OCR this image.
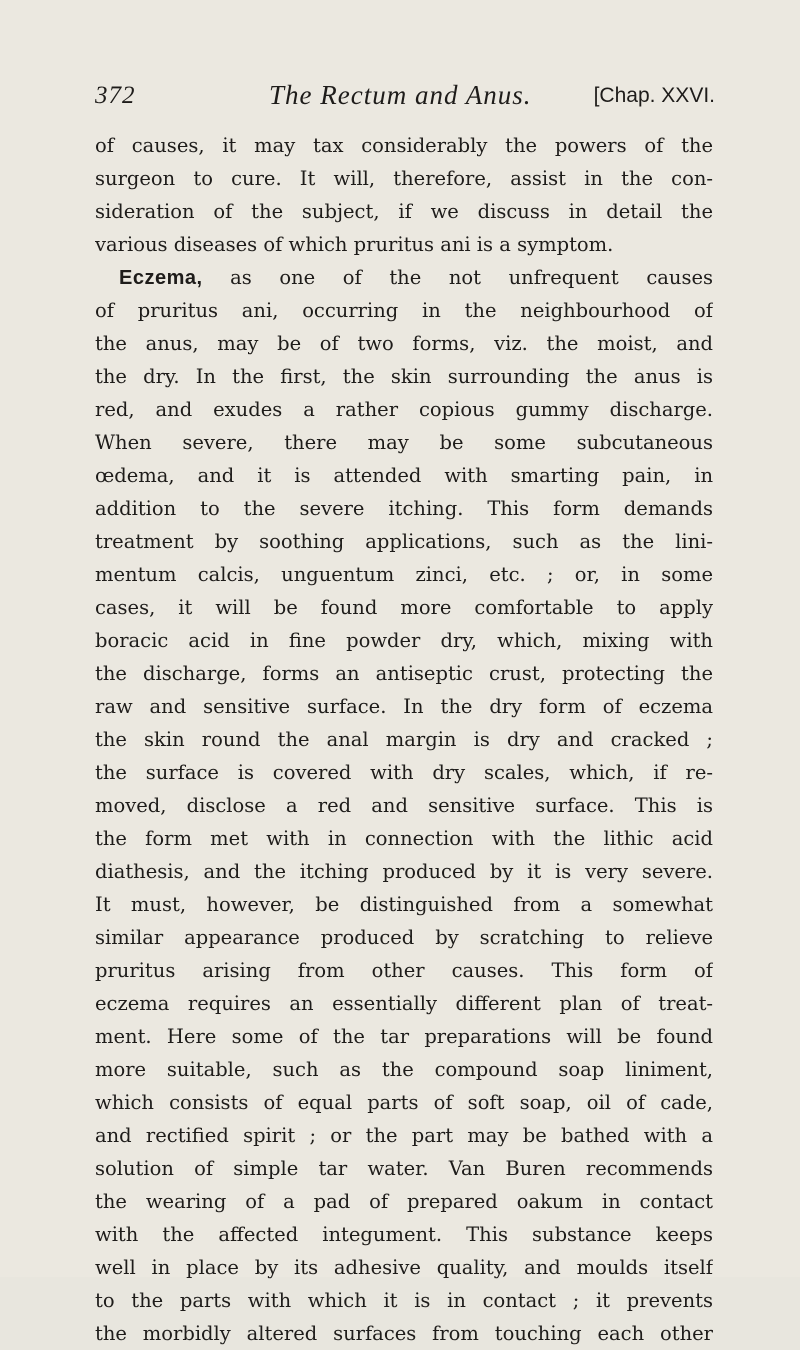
372	The Rectum and Anus.	[Chap. XXVI.
of causes, it may tax considerably the powers of the
surgeon to cure. It will, therefore, assist in the con-
sideration of the subject, if we discuss in detail the
various diseases of which pruritus ani is a symptom.
Eczema, as one of the not unfrequent causes
of pruritus ani, occurring in the neighbourhood of
the anus, may be of two forms, viz. the moist, and
the dry. In the first, the skin surrounding the anus is
red, and exudes a rather copious gummy discharge.
When severe, there may be some subcutaneous
œdema, and it is attended with smarting pain, in
addition to the severe itching. This form demands
treatment by soothing applications, such as the lini-
mentum calcis, unguentum zinci, etc. ; or, in some
cases, it will be found more comfortable to apply
boracic acid in fine powder dry, which, mixing with
the discharge, forms an antiseptic crust, protecting the
raw and sensitive surface. In the dry form of eczema
the skin round the anal margin is dry and cracked ;
the surface is covered with dry scales, which, if re-
moved, disclose a red and sensitive surface. This is
the form met with in connection with the lithic acid
diathesis, and the itching produced by it is very severe.
It must, however, be distinguished from a somewhat
similar appearance produced by scratching to relieve
pruritus arising from other causes. This form of
eczema requires an essentially different plan of treat-
ment. Here some of the tar preparations will be found
more suitable, such as the compound soap liniment,
which consists of equal parts of soft soap, oil of cade,
and rectified spirit ; or the part may be bathed with a
solution of simple tar water. Van Buren recommends
the wearing of a pad of prepared oakum in contact
with the affected integument. This substance keeps
well in place by its adhesive quality, and moulds itself
to the parts with which it is in contact ; it prevents
the morbidly altered surfaces from touching each other
